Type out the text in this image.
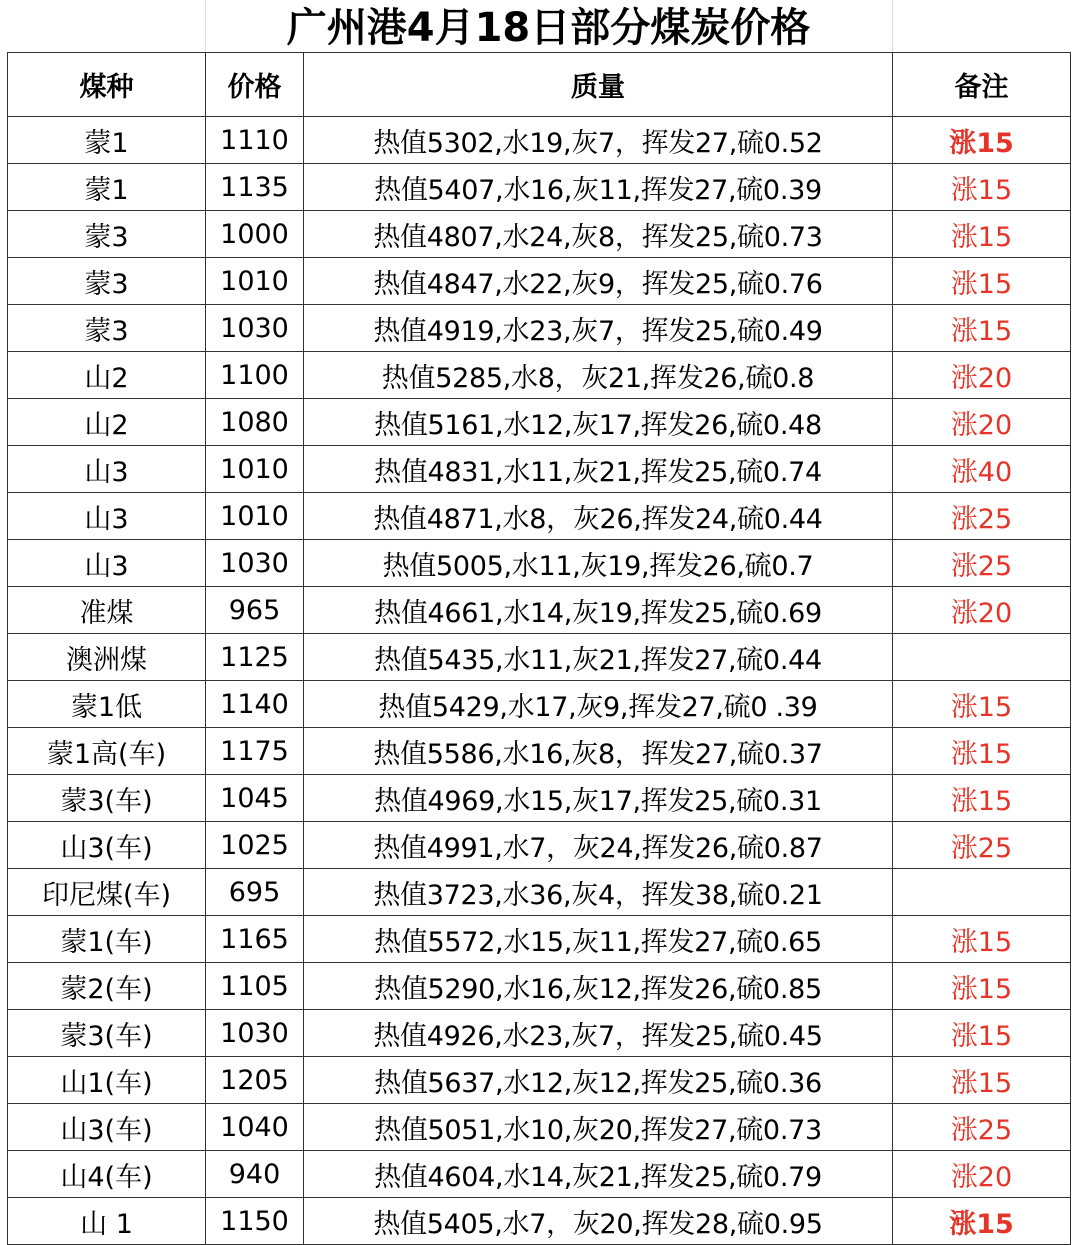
广州港4月18日部分煤炭价格
煤种	价格	质量	备注
蒙1	1110	热值5302,水19,灰7，挥发27,硫0.52	涨15
蒙1	1135	热值5407,水16,灰11,挥发27,硫0.39	涨15
蒙3	1000	热值4807,水24,灰8，挥发25,硫0.73	涨15
蒙3	1010	热值4847,水22,灰9，挥发25,硫0.76	涨15
蒙3	1030	热值4919,水23,灰7，挥发25,硫0.49	涨15
山2	1100	热值5285,水8，灰21,挥发26,硫0.8	涨20
山2	1080	热值5161,水12,灰17,挥发26,硫0.48	涨20
山3	1010	热值4831,水11,灰21,挥发25,硫0.74	涨40
山3	1010	热值4871,水8，灰26,挥发24,硫0.44	涨25
山3	1030	热值5005,水11,灰19,挥发26,硫0.7	涨25
准煤	965	热值4661,水14,灰19,挥发25,硫0.69	涨20
澳洲煤	1125	热值5435,水11,灰21,挥发27,硫0.44	
蒙1低	1140	热值5429,水17,灰9,挥发27,硫0 .39	涨15
蒙1高(车)	1175	热值5586,水16,灰8，挥发27,硫0.37	涨15
蒙3(车)	1045	热值4969,水15,灰17,挥发25,硫0.31	涨15
山3(车)	1025	热值4991,水7，灰24,挥发26,硫0.87	涨25
印尼煤(车)	695	热值3723,水36,灰4，挥发38,硫0.21	
蒙1(车)	1165	热值5572,水15,灰11,挥发27,硫0.65	涨15
蒙2(车)	1105	热值5290,水16,灰12,挥发26,硫0.85	涨15
蒙3(车)	1030	热值4926,水23,灰7，挥发25,硫0.45	涨15
山1(车)	1205	热值5637,水12,灰12,挥发25,硫0.36	涨15
山3(车)	1040	热值5051,水10,灰20,挥发27,硫0.73	涨25
山4(车)	940	热值4604,水14,灰21,挥发25,硫0.79	涨20
山 1	1150	热值5405,水7，灰20,挥发28,硫0.95	涨15
